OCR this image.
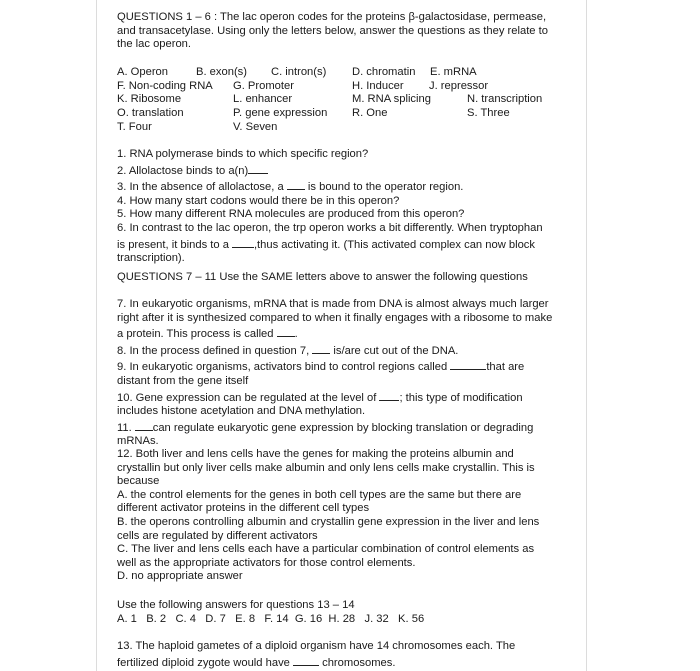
QUESTIONS 1 – 6 : The lac operon codes for the proteins β-galactosidase, permease,
and transacetylase. Using only the letters below, answer the questions as they relate to
the lac operon.
A. Operon	B. exon(s) C. intron(s) D. chromatin E. mRNA
F. Non-coding RNA G. Promoter	H. Inducer J. repressor
K. Ribosome	L. enhancer	M. RNA splicing	N. transcription
O. translation	P. gene expression R. One	S. Three
T. Four	V. Seven
1. RNA polymerase binds to which specific region?
2. Allolactose binds to a(n)
3. In the absence of allolactose, a is bound to the operator region.
4. How many start codons would there be in this operon?
5. How many different RNA molecules are produced from this operon?
6. In contrast to the lac operon, the trp operon works a bit differently. When tryptophan
is present, it binds to a ,thus activating it. (This activated complex can now block
transcription).
QUESTIONS 7 – 11 Use the SAME letters above to answer the following questions
7. In eukaryotic organisms, mRNA that is made from DNA is almost always much larger
right after it is synthesized compared to when it finally engages with a ribosome to make
a protein. This process is called .
8. In the process defined in question 7, is/are cut out of the DNA.
9. In eukaryotic organisms, activators bind to control regions called	that are
distant from the gene itself
10. Gene expression can be regulated at the level of ; this type of modification
includes histone acetylation and DNA methylation.
11. can regulate eukaryotic gene expression by blocking translation or degrading
mRNAs.
12. Both liver and lens cells have the genes for making the proteins albumin and
crystallin but only liver cells make albumin and only lens cells make crystallin. This is
because
A. the control elements for the genes in both cell types are the same but there are
different activator proteins in the different cell types
B. the operons controlling albumin and crystallin gene expression in the liver and lens
cells are regulated by different activators
C. The liver and lens cells each have a particular combination of control elements as
well as the appropriate activators for those control elements.
D. no appropriate answer
Use the following answers for questions 13 – 14
A. 1   B. 2   C. 4   D. 7   E. 8   F. 14  G. 16  H. 28   J. 32   K. 56
13. The haploid gametes of a diploid organism have 14 chromosomes each. The
fertilized diploid zygote would have	chromosomes.
